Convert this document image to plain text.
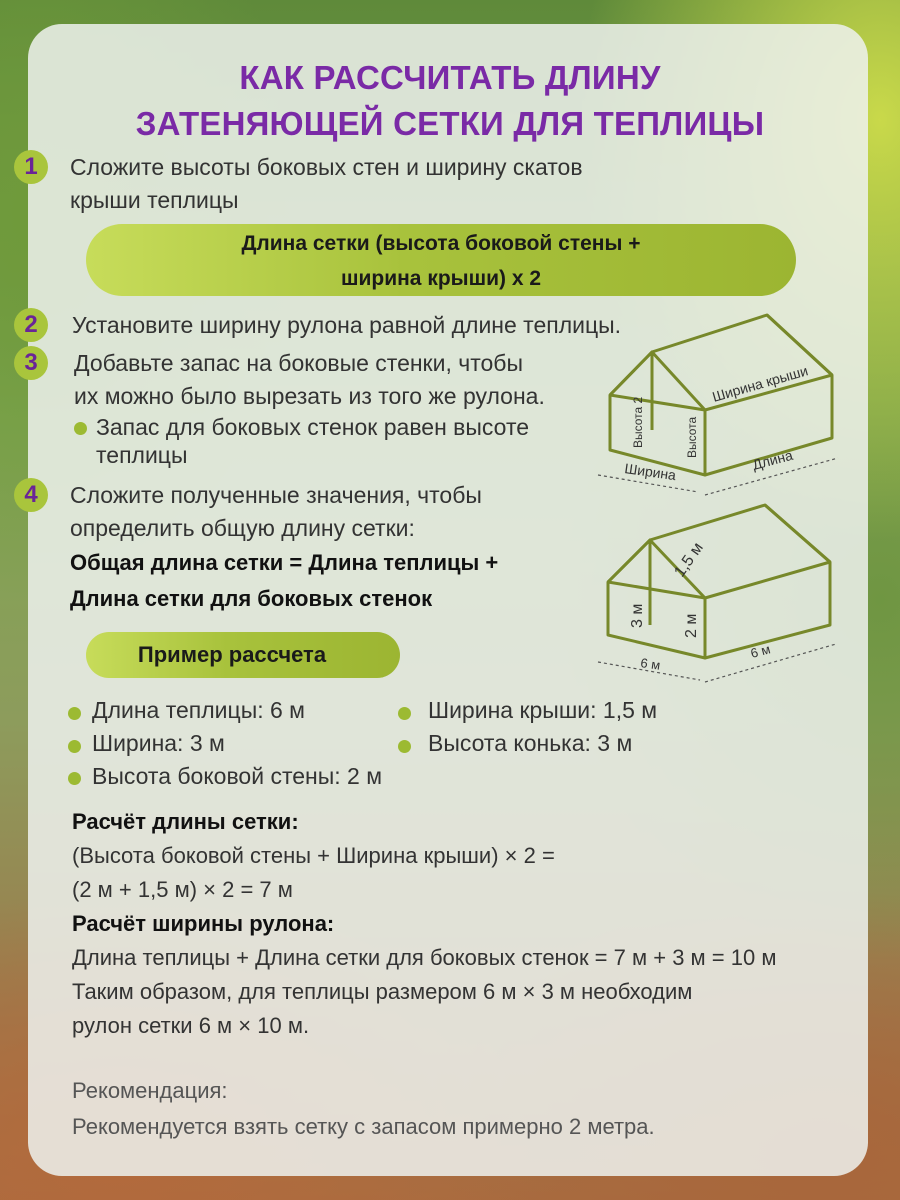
КАК РАССЧИТАТЬ ДЛИНУ
ЗАТЕНЯЮЩЕЙ СЕТКИ ДЛЯ ТЕПЛИЦЫ
1	Сложите высоты боковых стен и ширину скатов
крыши теплицы
Длина сетки (высота боковой стены +
ширина крыши) х 2
2	Установите ширину рулона равной длине теплицы.
3	Добавьте запас на боковые стенки, чтобы
их можно было вырезать из того же рулона.
Запас для боковых стенок равен высоте
теплицы
4	Сложите полученные значения, чтобы
определить общую длину сетки:
Общая длина сетки = Длина теплицы +
Длина сетки для боковых стенок
Ширина крыши
Высота 2	Высота
Ширина	Длина
1,5 м
3 м 2 м
6 м
6 м
Пример рассчета
Длина теплицы: 6 м
Ширина: 3 м
Высота боковой стены: 2 м
Ширина крыши: 1,5 м
Высота конька: 3 м
Расчёт длины сетки:
(Высота боковой стены + Ширина крыши) × 2 =
(2 м + 1,5 м) × 2 = 7 м
Расчёт ширины рулона:
Длина теплицы + Длина сетки для боковых стенок = 7 м + 3 м = 10 м
Таким образом, для теплицы размером 6 м × 3 м необходим
рулон сетки 6 м × 10 м.
Рекомендация:
Рекомендуется взять сетку с запасом примерно 2 метра.
